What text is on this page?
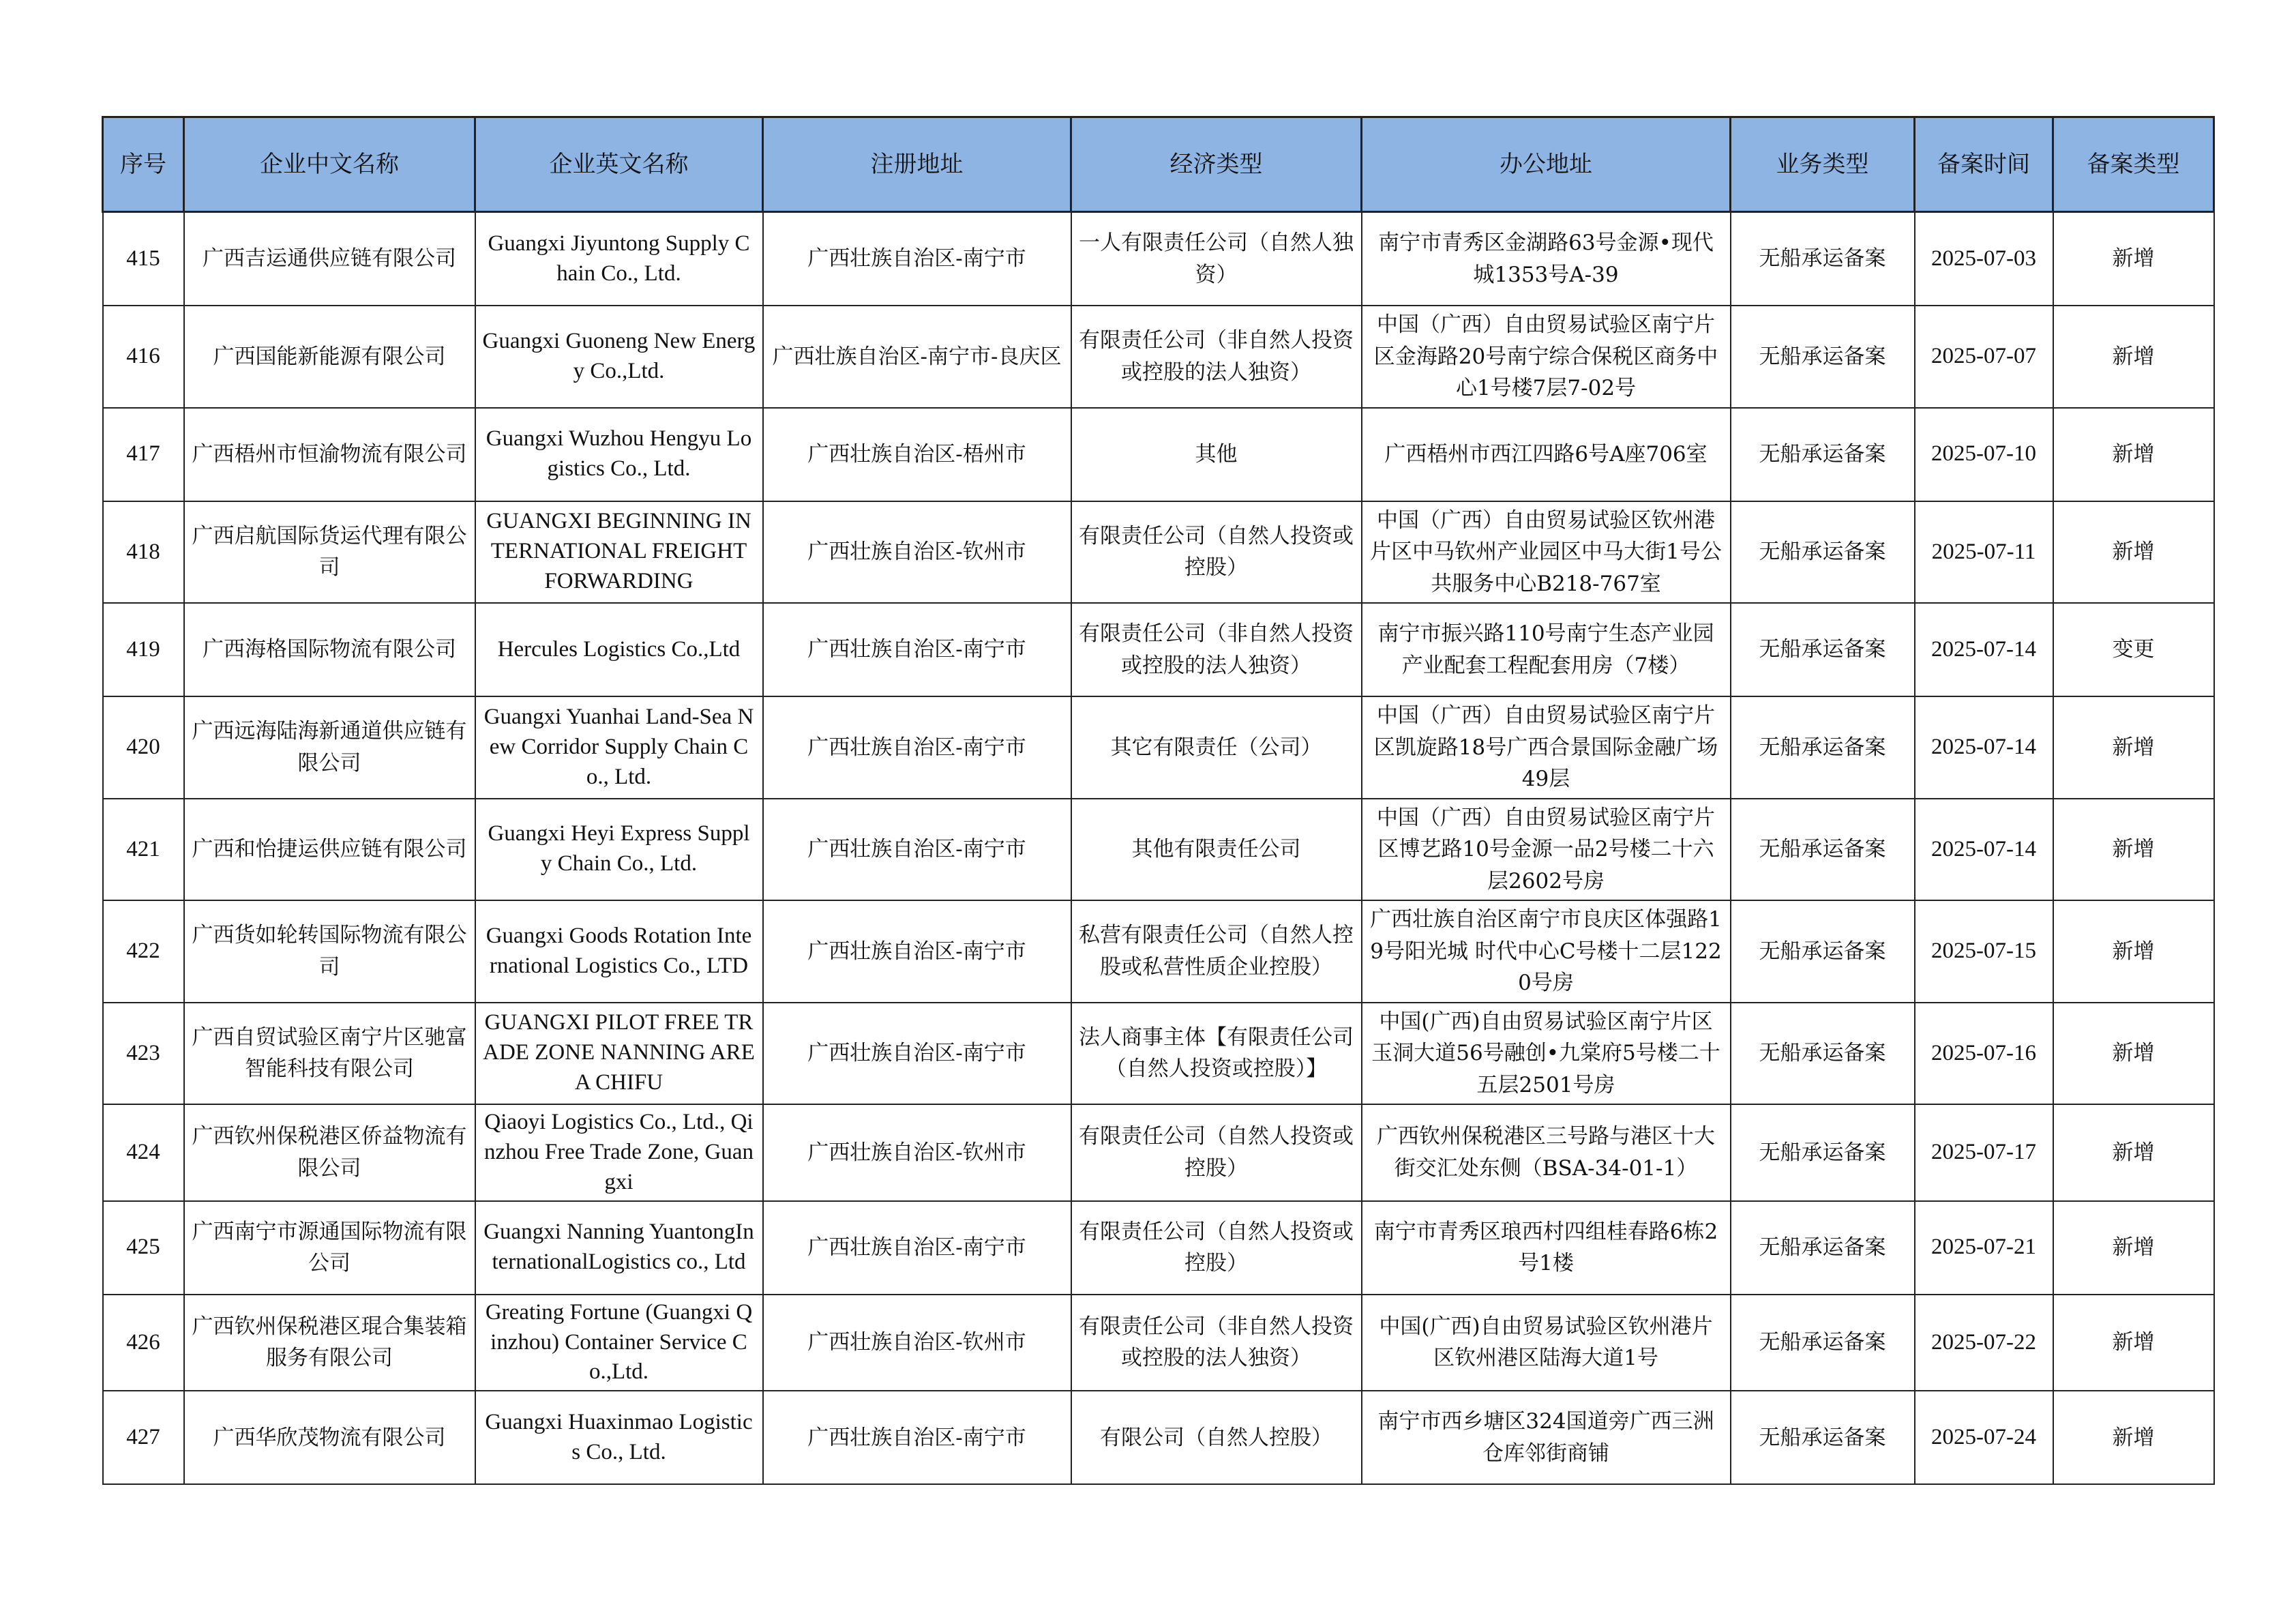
序号	企业中文名称	企业英文名称	注册地址	经济类型	办公地址	业务类型	备案时间	备案类型
415	广西吉运通供应链有限公司	Guangxi Jiyuntong Supply Chain Co., Ltd.	广西壮族自治区-南宁市	一人有限责任公司（自然人独资）	南宁市青秀区金湖路63号金源•现代城1353号A-39	无船承运备案	2025-07-03	新增
416	广西国能新能源有限公司	Guangxi Guoneng New Energy Co.,Ltd.	广西壮族自治区-南宁市-良庆区	有限责任公司（非自然人投资或控股的法人独资）	中国（广西）自由贸易试验区南宁片区金海路20号南宁综合保税区商务中心1号楼7层7-02号	无船承运备案	2025-07-07	新增
417	广西梧州市恒渝物流有限公司	Guangxi Wuzhou Hengyu Logistics Co., Ltd.	广西壮族自治区-梧州市	其他	广西梧州市西江四路6号A座706室	无船承运备案	2025-07-10	新增
418	广西启航国际货运代理有限公司	GUANGXI BEGINNING INTERNATIONAL FREIGHT FORWARDING	广西壮族自治区-钦州市	有限责任公司（自然人投资或控股）	中国（广西）自由贸易试验区钦州港片区中马钦州产业园区中马大街1号公共服务中心B218-767室	无船承运备案	2025-07-11	新增
419	广西海格国际物流有限公司	Hercules Logistics Co.,Ltd	广西壮族自治区-南宁市	有限责任公司（非自然人投资或控股的法人独资）	南宁市振兴路110号南宁生态产业园产业配套工程配套用房（7楼）	无船承运备案	2025-07-14	变更
420	广西远海陆海新通道供应链有限公司	Guangxi Yuanhai Land-Sea New Corridor Supply Chain Co., Ltd.	广西壮族自治区-南宁市	其它有限责任（公司）	中国（广西）自由贸易试验区南宁片区凯旋路18号广西合景国际金融广场49层	无船承运备案	2025-07-14	新增
421	广西和怡捷运供应链有限公司	Guangxi Heyi Express Supply Chain Co., Ltd.	广西壮族自治区-南宁市	其他有限责任公司	中国（广西）自由贸易试验区南宁片区博艺路10号金源一品2号楼二十六层2602号房	无船承运备案	2025-07-14	新增
422	广西货如轮转国际物流有限公司	Guangxi Goods Rotation International Logistics Co., LTD	广西壮族自治区-南宁市	私营有限责任公司（自然人控股或私营性质企业控股）	广西壮族自治区南宁市良庆区体强路19号阳光城 时代中心C号楼十二层1220号房	无船承运备案	2025-07-15	新增
423	广西自贸试验区南宁片区驰富智能科技有限公司	GUANGXI PILOT FREE TRADE ZONE NANNING AREA CHIFU	广西壮族自治区-南宁市	法人商事主体【有限责任公司（自然人投资或控股）】	中国(广西)自由贸易试验区南宁片区玉洞大道56号融创•九棠府5号楼二十五层2501号房	无船承运备案	2025-07-16	新增
424	广西钦州保税港区侨益物流有限公司	Qiaoyi Logistics Co., Ltd., Qinzhou Free Trade Zone, Guangxi	广西壮族自治区-钦州市	有限责任公司（自然人投资或控股）	广西钦州保税港区三号路与港区十大街交汇处东侧（BSA-34-01-1）	无船承运备案	2025-07-17	新增
425	广西南宁市源通国际物流有限公司	Guangxi Nanning YuantongInternationalLogistics co., Ltd	广西壮族自治区-南宁市	有限责任公司（自然人投资或控股）	南宁市青秀区琅西村四组桂春路6栋2号1楼	无船承运备案	2025-07-21	新增
426	广西钦州保税港区琨合集装箱服务有限公司	Greating Fortune (Guangxi Qinzhou) Container Service Co.,Ltd.	广西壮族自治区-钦州市	有限责任公司（非自然人投资或控股的法人独资）	中国(广西)自由贸易试验区钦州港片区钦州港区陆海大道1号	无船承运备案	2025-07-22	新增
427	广西华欣茂物流有限公司	Guangxi Huaxinmao Logistics Co., Ltd.	广西壮族自治区-南宁市	有限公司（自然人控股）	南宁市西乡塘区324国道旁广西三洲仓库邻街商铺	无船承运备案	2025-07-24	新增
